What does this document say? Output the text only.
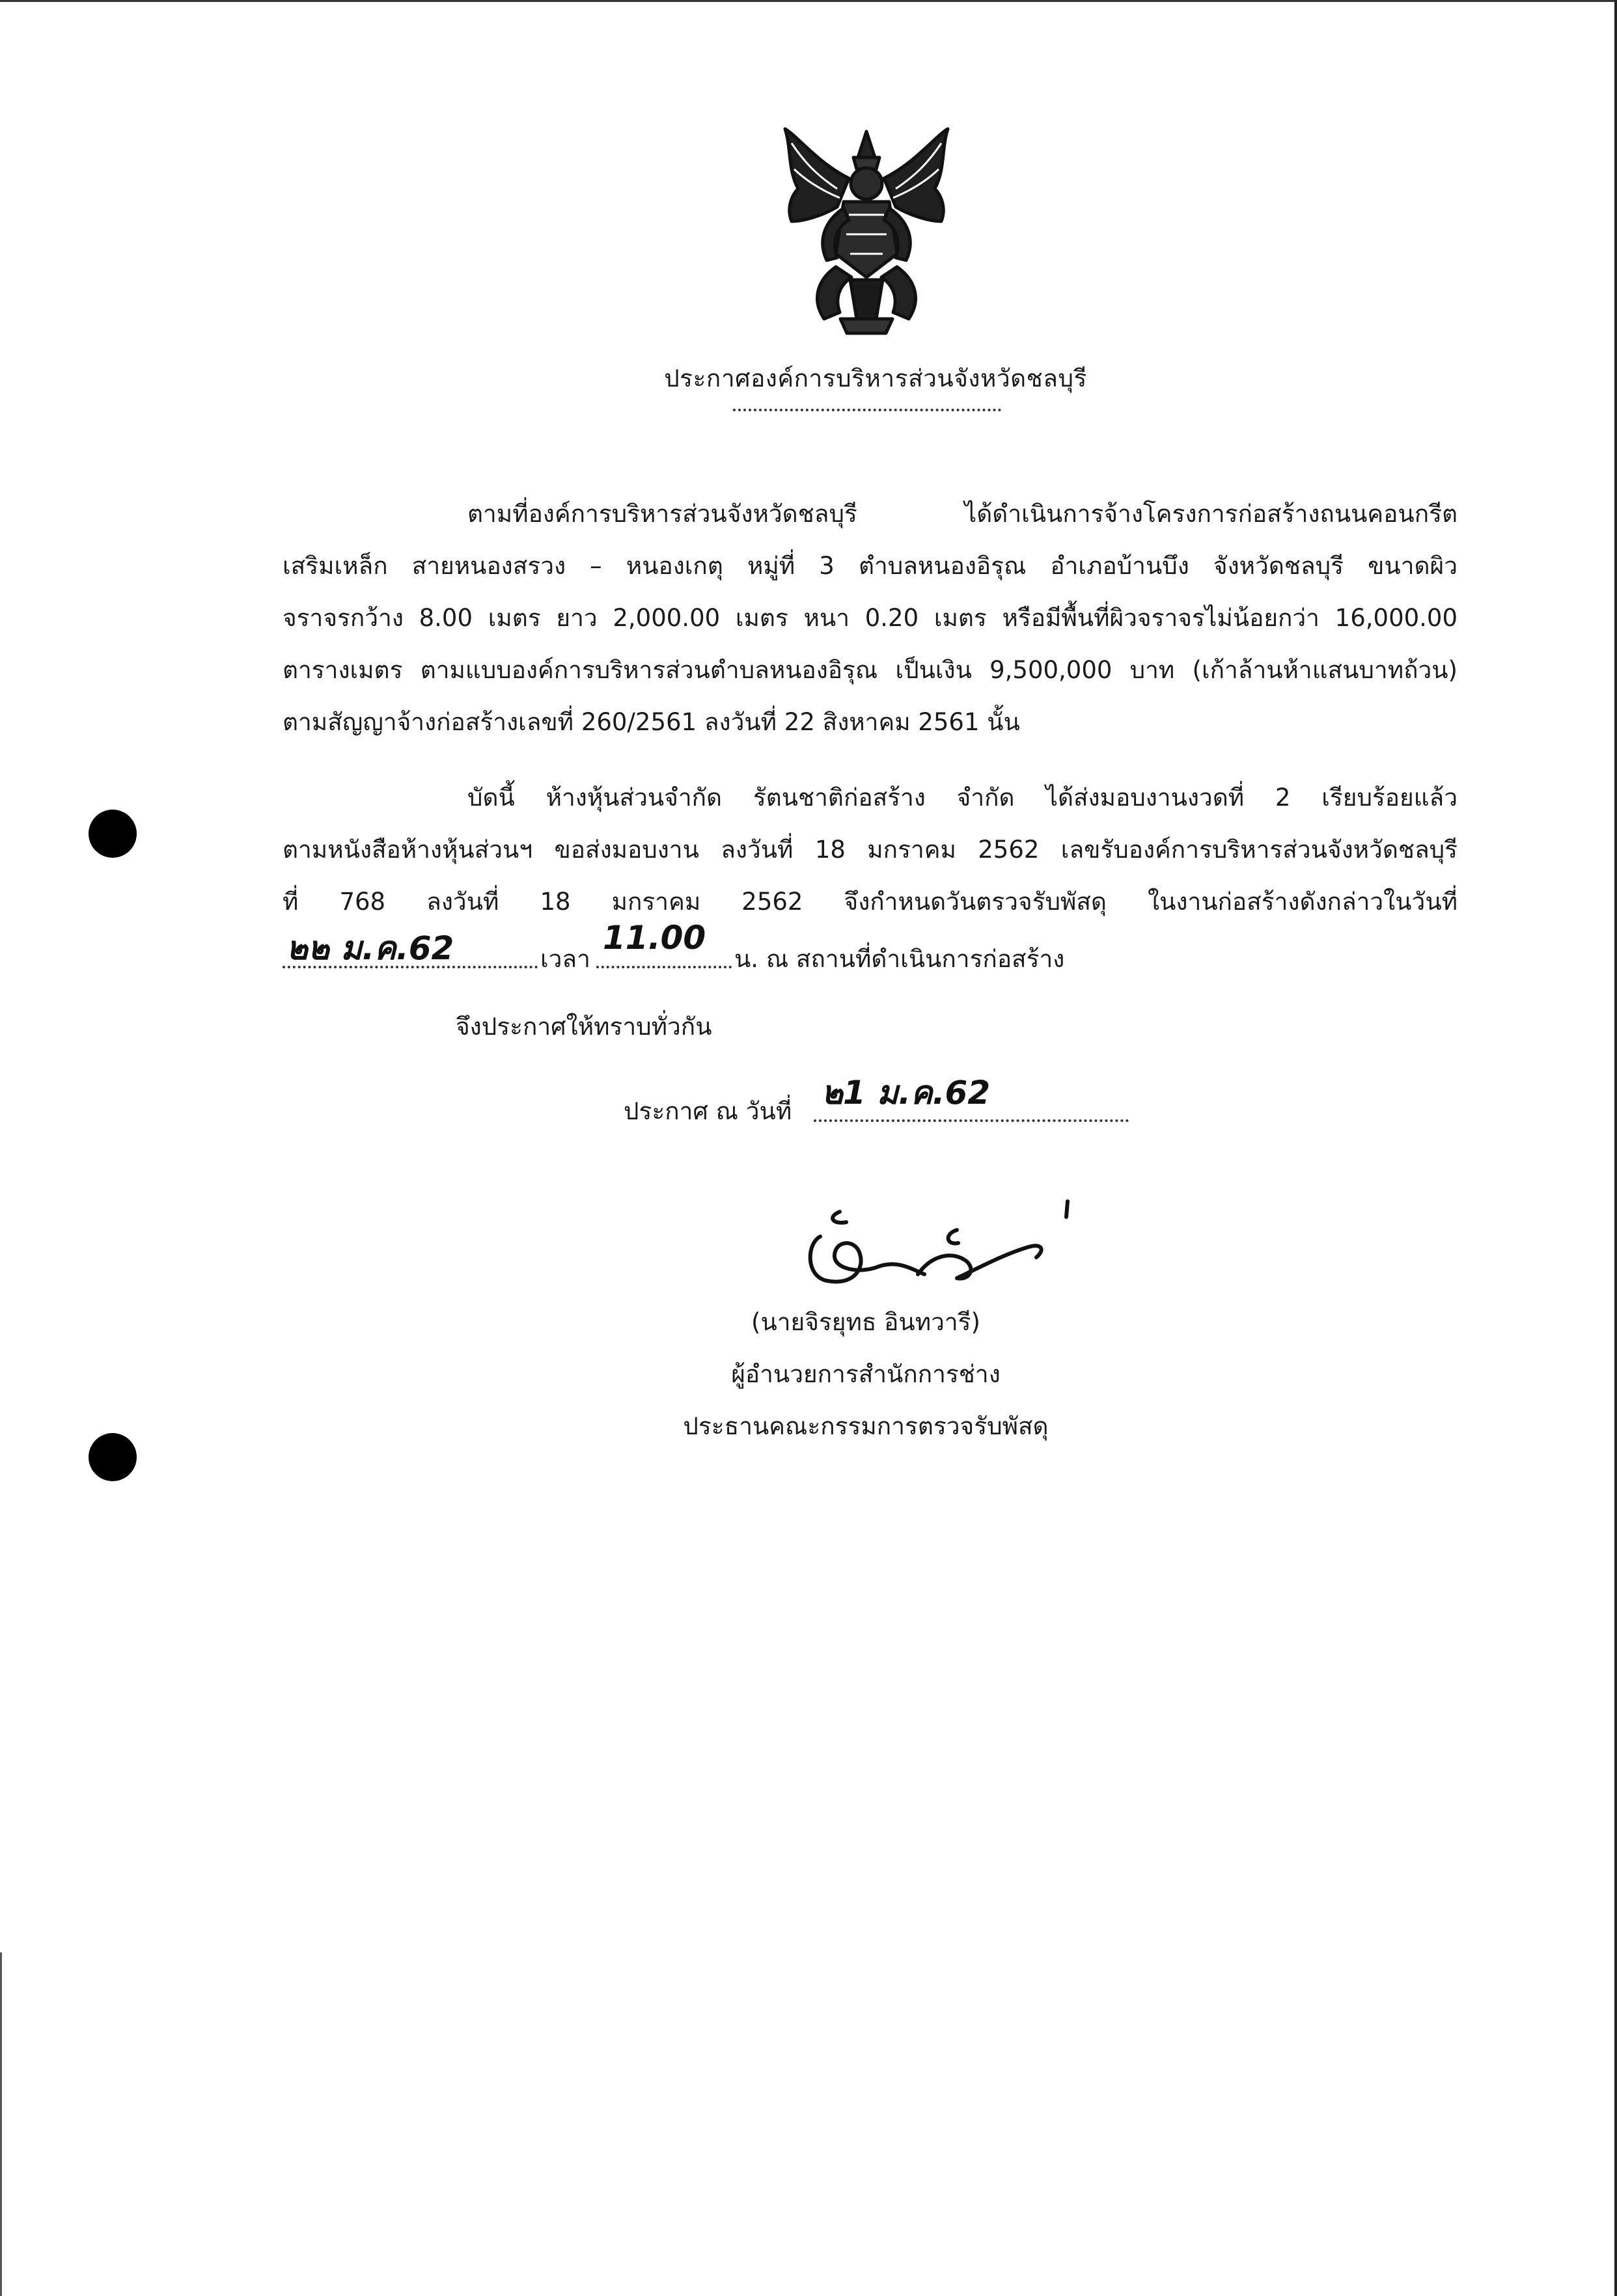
ประกาศองค์การบริหารส่วนจังหวัดชลบุรี
ตามที่องค์การบริหารส่วนจังหวัดชลบุรี ได้ดำเนินการจ้างโครงการก่อสร้างถนนคอนกรีต
เสริมเหล็ก สายหนองสรวง – หนองเกตุ หมู่ที่ 3 ตำบลหนองอิรุณ อำเภอบ้านบึง จังหวัดชลบุรี ขนาดผิว
จราจรกว้าง 8.00 เมตร ยาว 2,000.00 เมตร หนา 0.20 เมตร หรือมีพื้นที่ผิวจราจรไม่น้อยกว่า 16,000.00
ตารางเมตร ตามแบบองค์การบริหารส่วนตำบลหนองอิรุณ เป็นเงิน 9,500,000 บาท (เก้าล้านห้าแสนบาทถ้วน)
ตามสัญญาจ้างก่อสร้างเลขที่ 260/2561 ลงวันที่ 22 สิงหาคม 2561 นั้น
บัดนี้ ห้างหุ้นส่วนจำกัด รัตนชาติก่อสร้าง จำกัด ได้ส่งมอบงานงวดที่ 2 เรียบร้อยแล้ว
ตามหนังสือห้างหุ้นส่วนฯ ขอส่งมอบงาน ลงวันที่ 18 มกราคม 2562 เลขรับองค์การบริหารส่วนจังหวัดชลบุรี
ที่ 768 ลงวันที่ 18 มกราคม 2562 จึงกำหนดวันตรวจรับพัสดุ ในงานก่อสร้างดังกล่าวในวันที่
๒๒ ม.ค.62	เวลา
11.00
น. ณ สถานที่ดำเนินการก่อสร้าง
จึงประกาศให้ทราบทั่วกัน
ประกาศ ณ วันที่ ๒1 ม.ค.62
(นายจิรยุทธ อินทวารี)
ผู้อำนวยการสำนักการช่าง
ประธานคณะกรรมการตรวจรับพัสดุ
